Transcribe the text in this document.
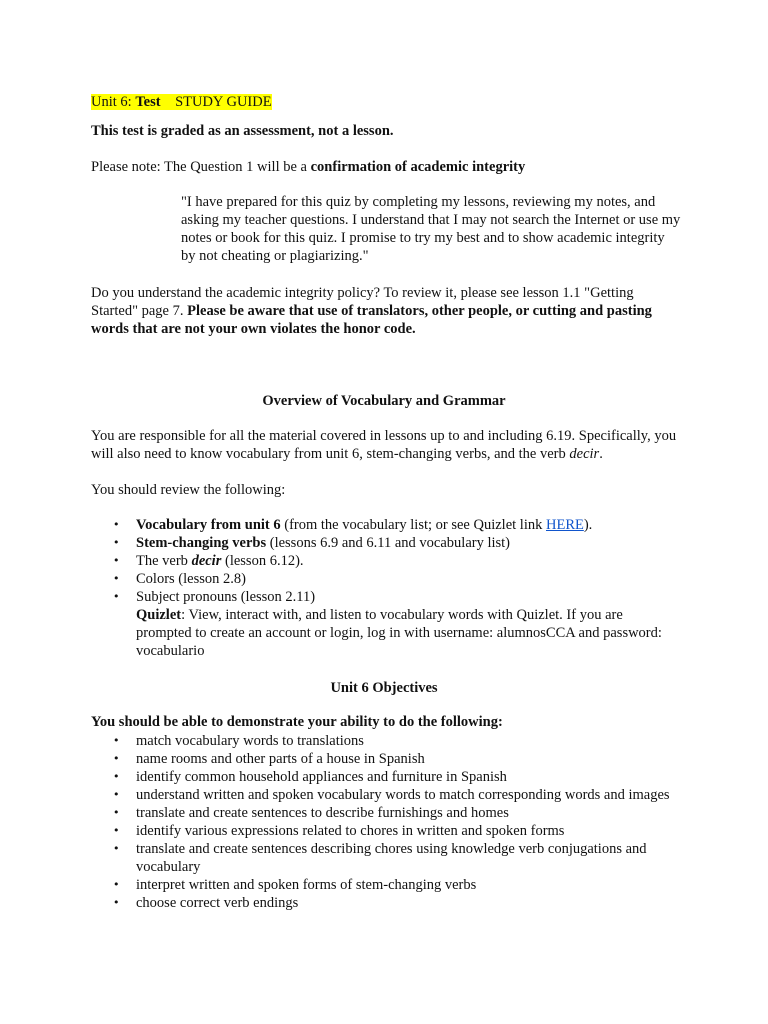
Unit 6: Test STUDY GUIDE

This test is graded as an assessment, not a lesson.

Please note: The Question 1 will be a confirmation of academic integrity

"I have prepared for this quiz by completing my lessons, reviewing my notes, and asking my teacher questions. I understand that I may not search the Internet or use my notes or book for this quiz. I promise to try my best and to show academic integrity by not cheating or plagiarizing."

Do you understand the academic integrity policy? To review it, please see lesson 1.1 "Getting Started" page 7. Please be aware that use of translators, other people, or cutting and pasting words that are not your own violates the honor code.

Overview of Vocabulary and Grammar

You are responsible for all the material covered in lessons up to and including 6.19. Specifically, you will also need to know vocabulary from unit 6, stem-changing verbs, and the verb decir.

You should review the following:

• Vocabulary from unit 6 (from the vocabulary list; or see Quizlet link HERE).
• Stem-changing verbs (lessons 6.9 and 6.11 and vocabulary list)
• The verb decir (lesson 6.12).
• Colors (lesson 2.8)
• Subject pronouns (lesson 2.11)
Quizlet: View, interact with, and listen to vocabulary words with Quizlet. If you are prompted to create an account or login, log in with username: alumnosCCA and password: vocabulario

Unit 6 Objectives

You should be able to demonstrate your ability to do the following:

• match vocabulary words to translations
• name rooms and other parts of a house in Spanish
• identify common household appliances and furniture in Spanish
• understand written and spoken vocabulary words to match corresponding words and images
• translate and create sentences to describe furnishings and homes
• identify various expressions related to chores in written and spoken forms
• translate and create sentences describing chores using knowledge verb conjugations and vocabulary
• interpret written and spoken forms of stem-changing verbs
• choose correct verb endings
